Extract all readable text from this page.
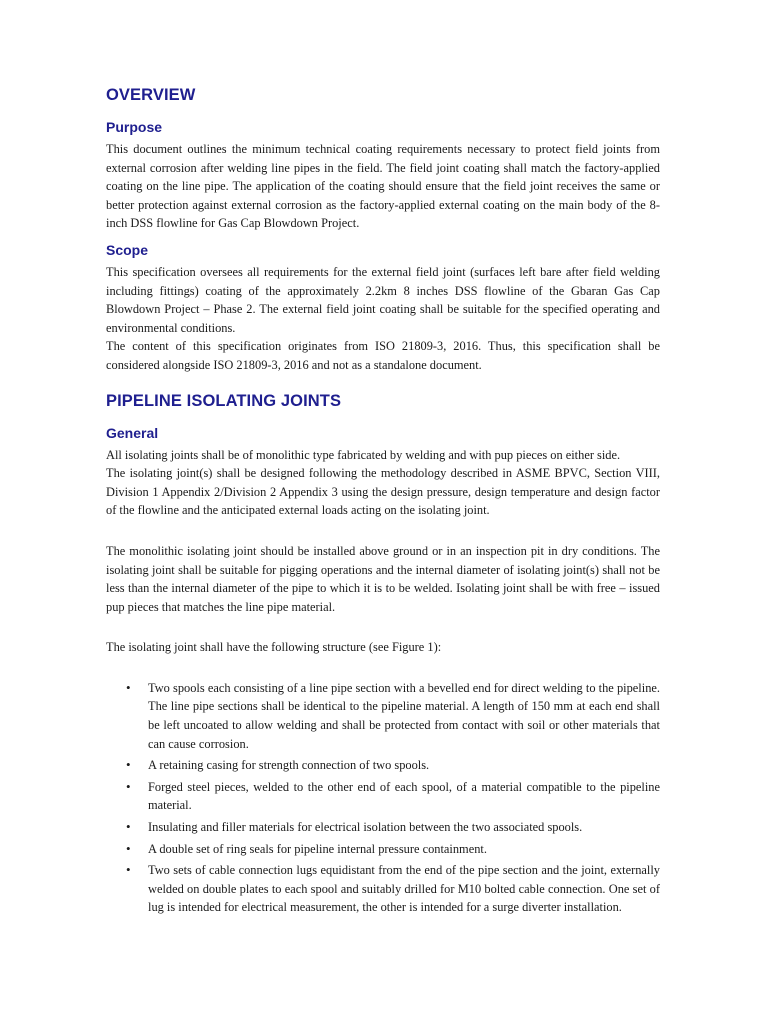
OVERVIEW
Purpose

This document outlines the minimum technical coating requirements necessary to protect field joints from external corrosion after welding line pipes in the field. The field joint coating shall match the factory-applied coating on the line pipe. The application of the coating should ensure that the field joint receives the same or better protection against external corrosion as the factory-applied external coating on the main body of the 8-inch DSS flowline for Gas Cap Blowdown Project.

Scope

This specification oversees all requirements for the external field joint (surfaces left bare after field welding including fittings) coating of the approximately 2.2km 8 inches DSS flowline of the Gbaran Gas Cap Blowdown Project – Phase 2. The external field joint coating shall be suitable for the specified operating and environmental conditions.

The content of this specification originates from ISO 21809-3, 2016. Thus, this specification shall be considered alongside ISO 21809-3, 2016 and not as a standalone document.

PIPELINE ISOLATING JOINTS
General

All isolating joints shall be of monolithic type fabricated by welding and with pup pieces on either side.

The isolating joint(s) shall be designed following the methodology described in ASME BPVC, Section VIII, Division 1 Appendix 2/Division 2 Appendix 3 using the design pressure, design temperature and design factor of the flowline and the anticipated external loads acting on the isolating joint.

The monolithic isolating joint should be installed above ground or in an inspection pit in dry conditions. The isolating joint shall be suitable for pigging operations and the internal diameter of isolating joint(s) shall not be less than the internal diameter of the pipe to which it is to be welded. Isolating joint shall be with free – issued pup pieces that matches the line pipe material.

The isolating joint shall have the following structure (see Figure 1):

• Two spools each consisting of a line pipe section with a bevelled end for direct welding to the pipeline. The line pipe sections shall be identical to the pipeline material. A length of 150 mm at each end shall be left uncoated to allow welding and shall be protected from contact with soil or other materials that can cause corrosion.
• A retaining casing for strength connection of two spools.
• Forged steel pieces, welded to the other end of each spool, of a material compatible to the pipeline material.
• Insulating and filler materials for electrical isolation between the two associated spools.
• A double set of ring seals for pipeline internal pressure containment.
• Two sets of cable connection lugs equidistant from the end of the pipe section and the joint, externally welded on double plates to each spool and suitably drilled for M10 bolted cable connection. One set of lug is intended for electrical measurement, the other is intended for a surge diverter installation.
